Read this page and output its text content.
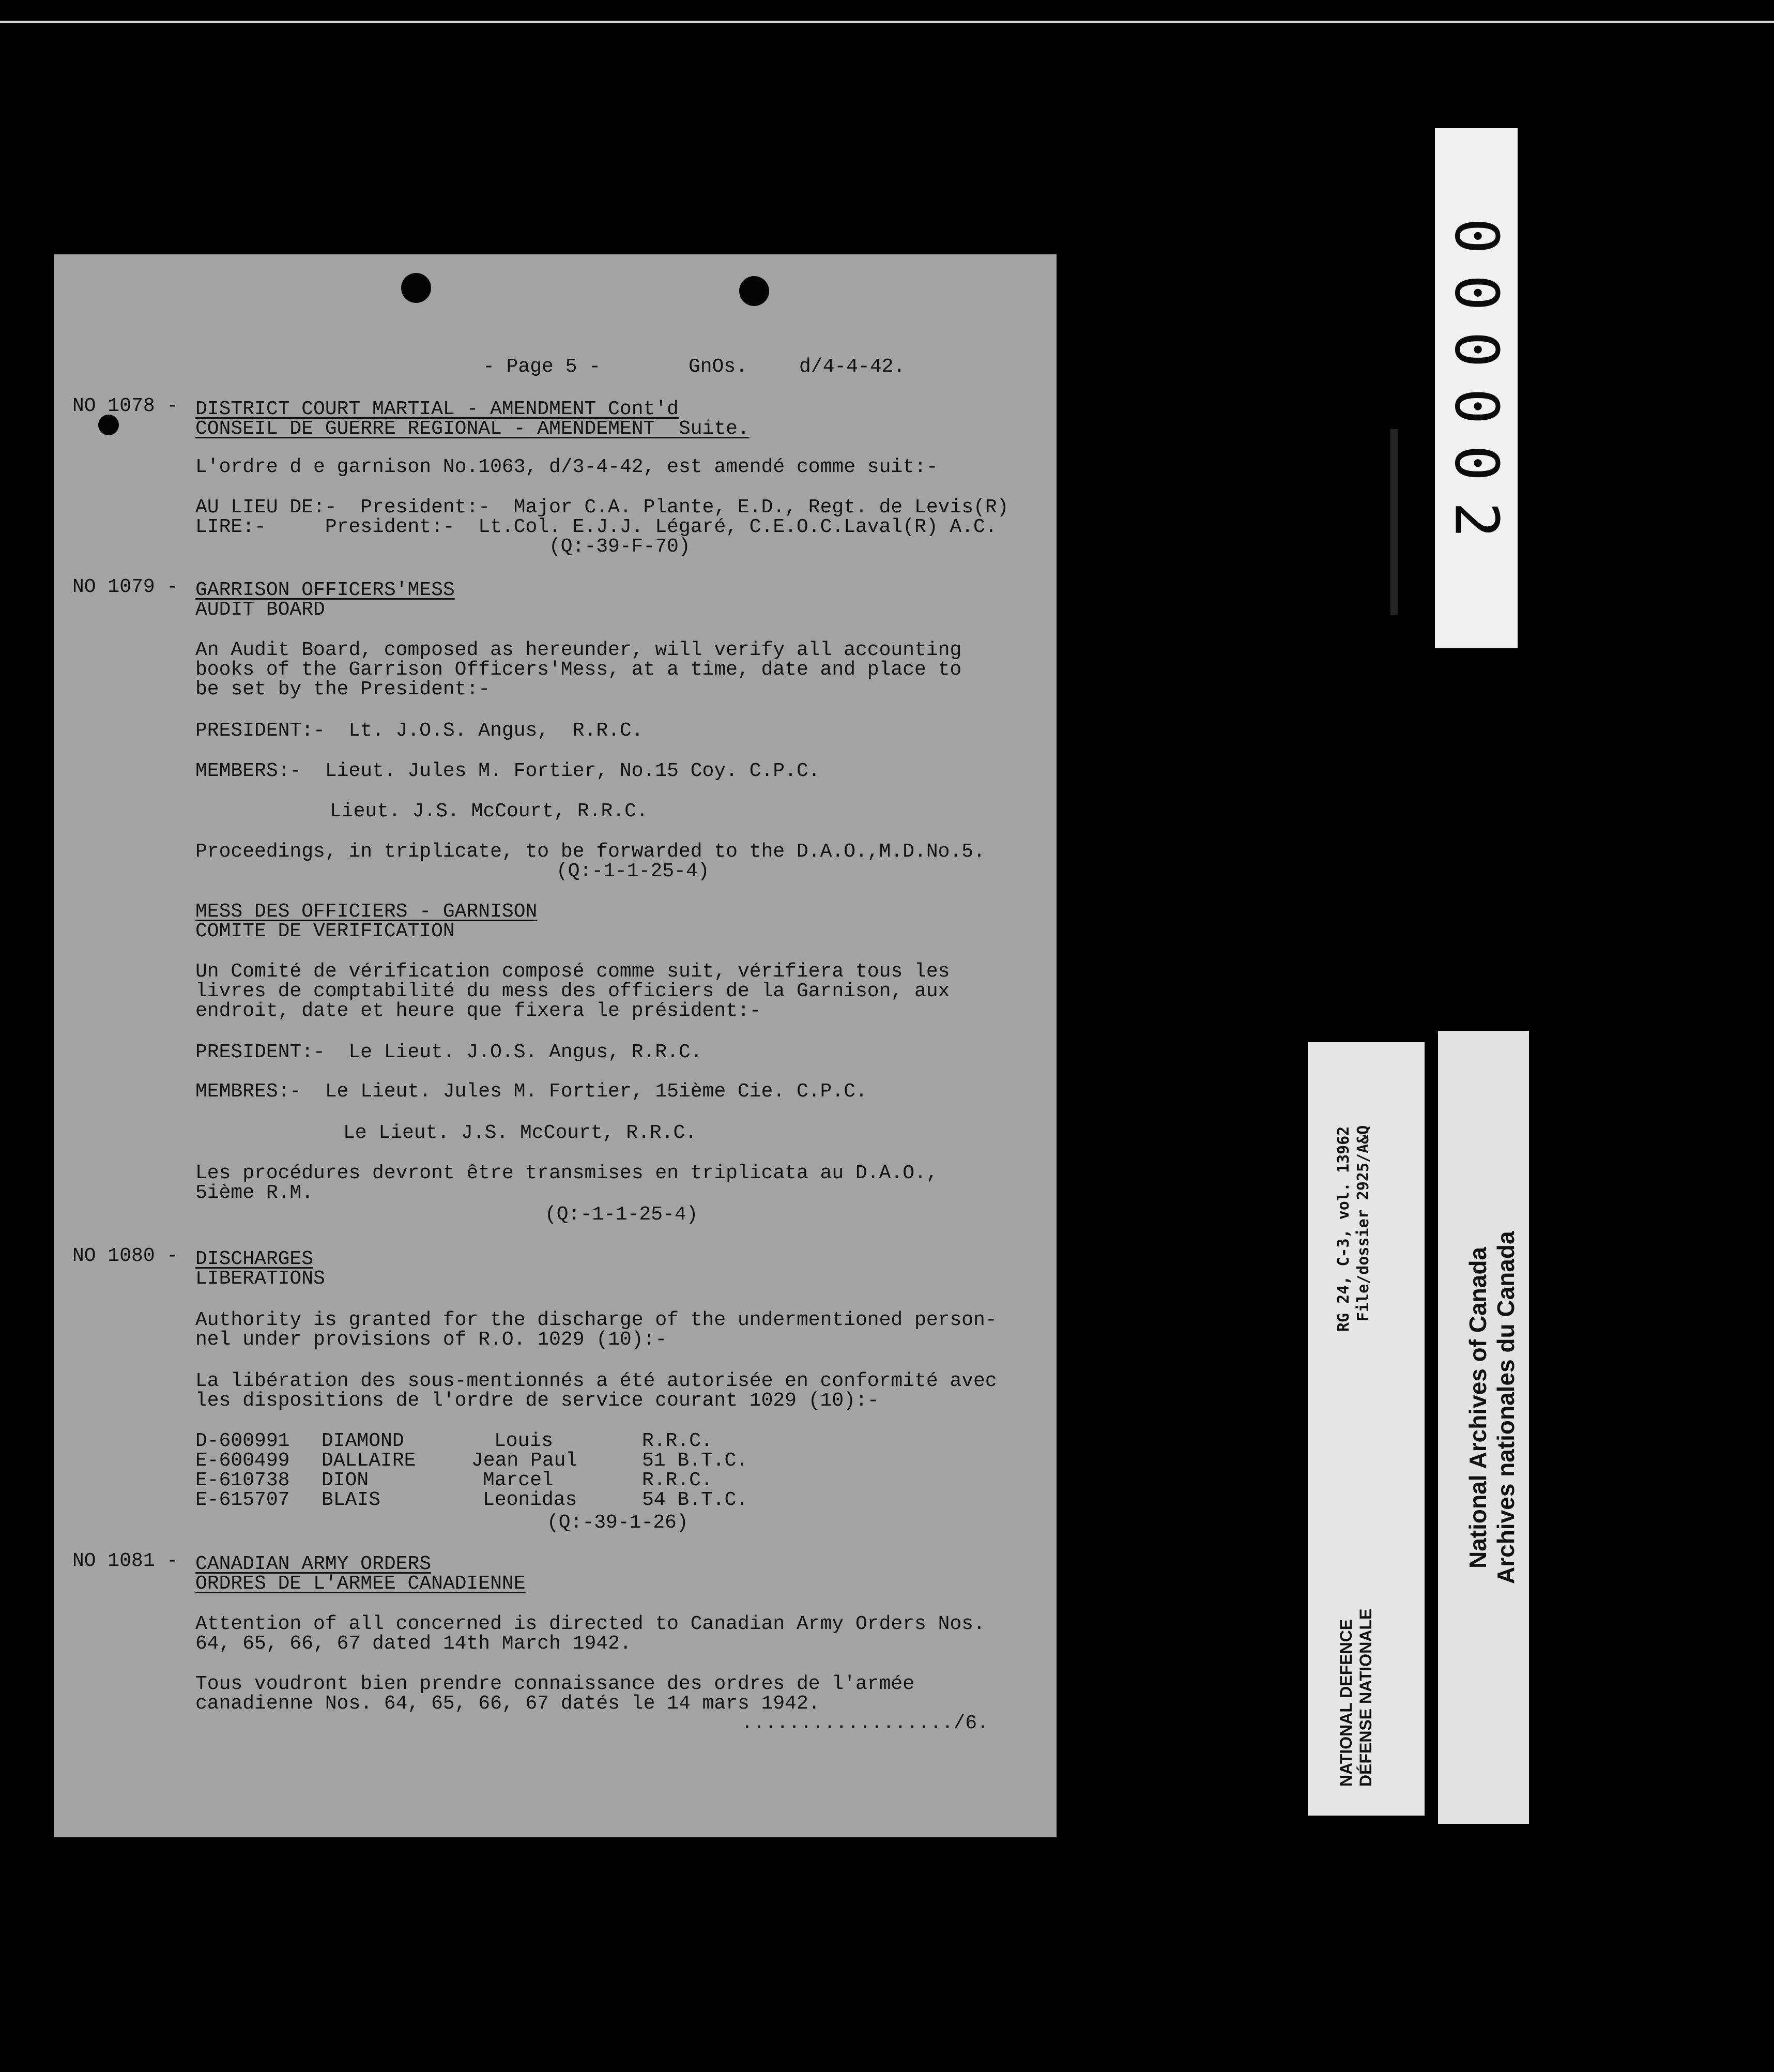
- Page 5 -	GnOs.	d/4-4-42.
NO 1078 - DISTRICT COURT MARTIAL - AMENDMENT Cont'd
CONSEIL DE GUERRE REGIONAL - AMENDEMENT  Suite.
L'ordre d e garnison No.1063, d/3-4-42, est amendé comme suit:-
AU LIEU DE:-  President:-  Major C.A. Plante, E.D., Regt. de Levis(R)
LIRE:-     President:-  Lt.Col. E.J.J. Légaré, C.E.O.C.Laval(R) A.C.
(Q:-39-F-70)
NO 1079 - GARRISON OFFICERS'MESS
AUDIT BOARD
An Audit Board, composed as hereunder, will verify all accounting
books of the Garrison Officers'Mess, at a time, date and place to
be set by the President:-
PRESIDENT:-  Lt. J.O.S. Angus,  R.R.C.
MEMBERS:-  Lieut. Jules M. Fortier, No.15 Coy. C.P.C.
Lieut. J.S. McCourt, R.R.C.
Proceedings, in triplicate, to be forwarded to the D.A.O.,M.D.No.5.
(Q:-1-1-25-4)
MESS DES OFFICIERS - GARNISON
COMITE DE VERIFICATION
Un Comité de vérification composé comme suit, vérifiera tous les
livres de comptabilité du mess des officiers de la Garnison, aux
endroit, date et heure que fixera le président:-
PRESIDENT:-  Le Lieut. J.O.S. Angus, R.R.C.
MEMBRES:-  Le Lieut. Jules M. Fortier, 15ième Cie. C.P.C.
Le Lieut. J.S. McCourt, R.R.C.
Les procédures devront être transmises en triplicata au D.A.O.,
5ième R.M.
(Q:-1-1-25-4)
NO 1080 - DISCHARGES
LIBERATIONS
Authority is granted for the discharge of the undermentioned person-
nel under provisions of R.O. 1029 (10):-
La libération des sous-mentionnés a été autorisée en conformité avec
les dispositions de l'ordre de service courant 1029 (10):-
D-600991 DIAMOND	Louis	R.R.C.
E-600499 DALLAIRE	Jean Paul	51 B.T.C.
E-610738 DION	Marcel	R.R.C.
E-615707 BLAIS	Leonidas	54 B.T.C.
(Q:-39-1-26)
NO 1081 - CANADIAN ARMY ORDERS
ORDRES DE L'ARMEE CANADIENNE
Attention of all concerned is directed to Canadian Army Orders Nos.
64, 65, 66, 67 dated 14th March 1942.
Tous voudront bien prendre connaissance des ordres de l'armée
canadienne Nos. 64, 65, 66, 67 datés le 14 mars 1942.
................../6.
000002
RG 24, C-3, vol. 13962 File/dossier 2925/A&Q
NATIONAL DEFENCE DÉFENSE NATIONALE
National Archives of Canada Archives nationales du Canada
